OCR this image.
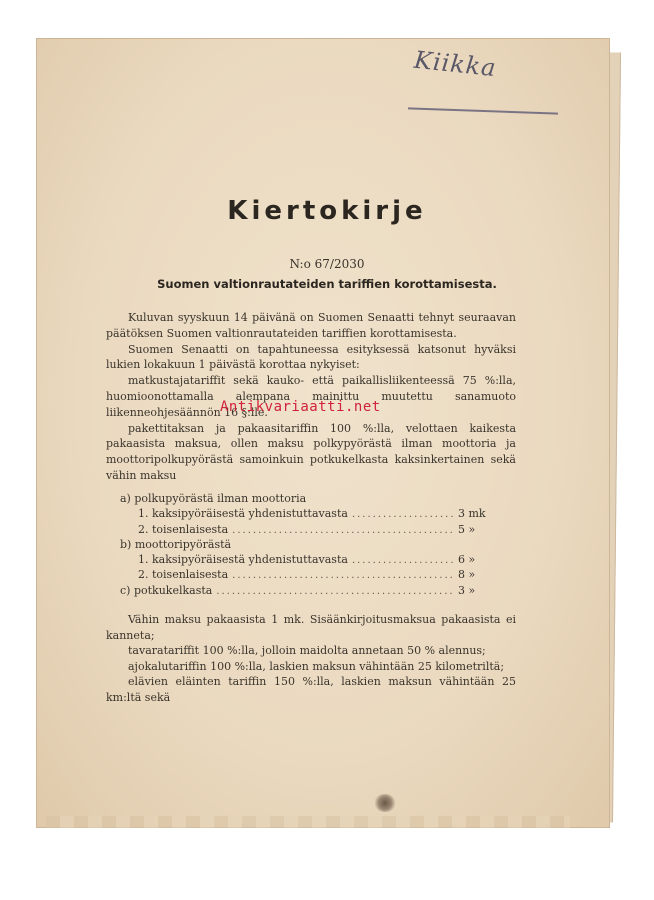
Kiikka
Kiertokirje
N:o 67/2030
Suomen valtionrautateiden tariffien korottamisesta.

Kuluvan syyskuun 14 päivänä on Suomen Senaatti tehnyt seuraavan päätöksen Suomen valtionrautateiden tariffien korottamisesta.

Suomen Senaatti on tapahtuneessa esityksessä katsonut hyväksi lukien lokakuun 1 päivästä korottaa nykyiset:

matkustajatariffit sekä kauko- että paikallisliikenteessä 75 %:lla, huomioonottamalla alempana mainittu muutettu sanamuoto liikenneohjesäännön 16 §:lle.

pakettitaksan ja pakaasitariffin 100 %:lla, velottaen kaikesta pakaasista maksua, ollen maksu polkypyörästä ilman moottoria ja moottoripolkupyörästä samoinkuin potkukelkasta kaksinkertainen sekä vähin maksu

Antikvariaatti.net
a) polkupyörästä ilman moottoria
1. kaksipyöräisestä yhdenistuttavasta .....	3 mk
2. toisenlaisesta .....	5 »
b) moottoripyörästä
1. kaksipyöräisestä yhdenistuttavasta .....	6 »
2. toisenlaisesta .....	8 »
c) potkukelkasta .....	3 »

Vähin maksu pakaasista 1 mk. Sisäänkirjoitusmaksua pakaasista ei kanneta;

tavaratariffit 100 %:lla, jolloin maidolta annetaan 50 % alennus;

ajokalutariffin 100 %:lla, laskien maksun vähintään 25 kilometriltä;

elävien eläinten tariffin 150 %:lla, laskien maksun vähintään 25 km:ltä sekä
